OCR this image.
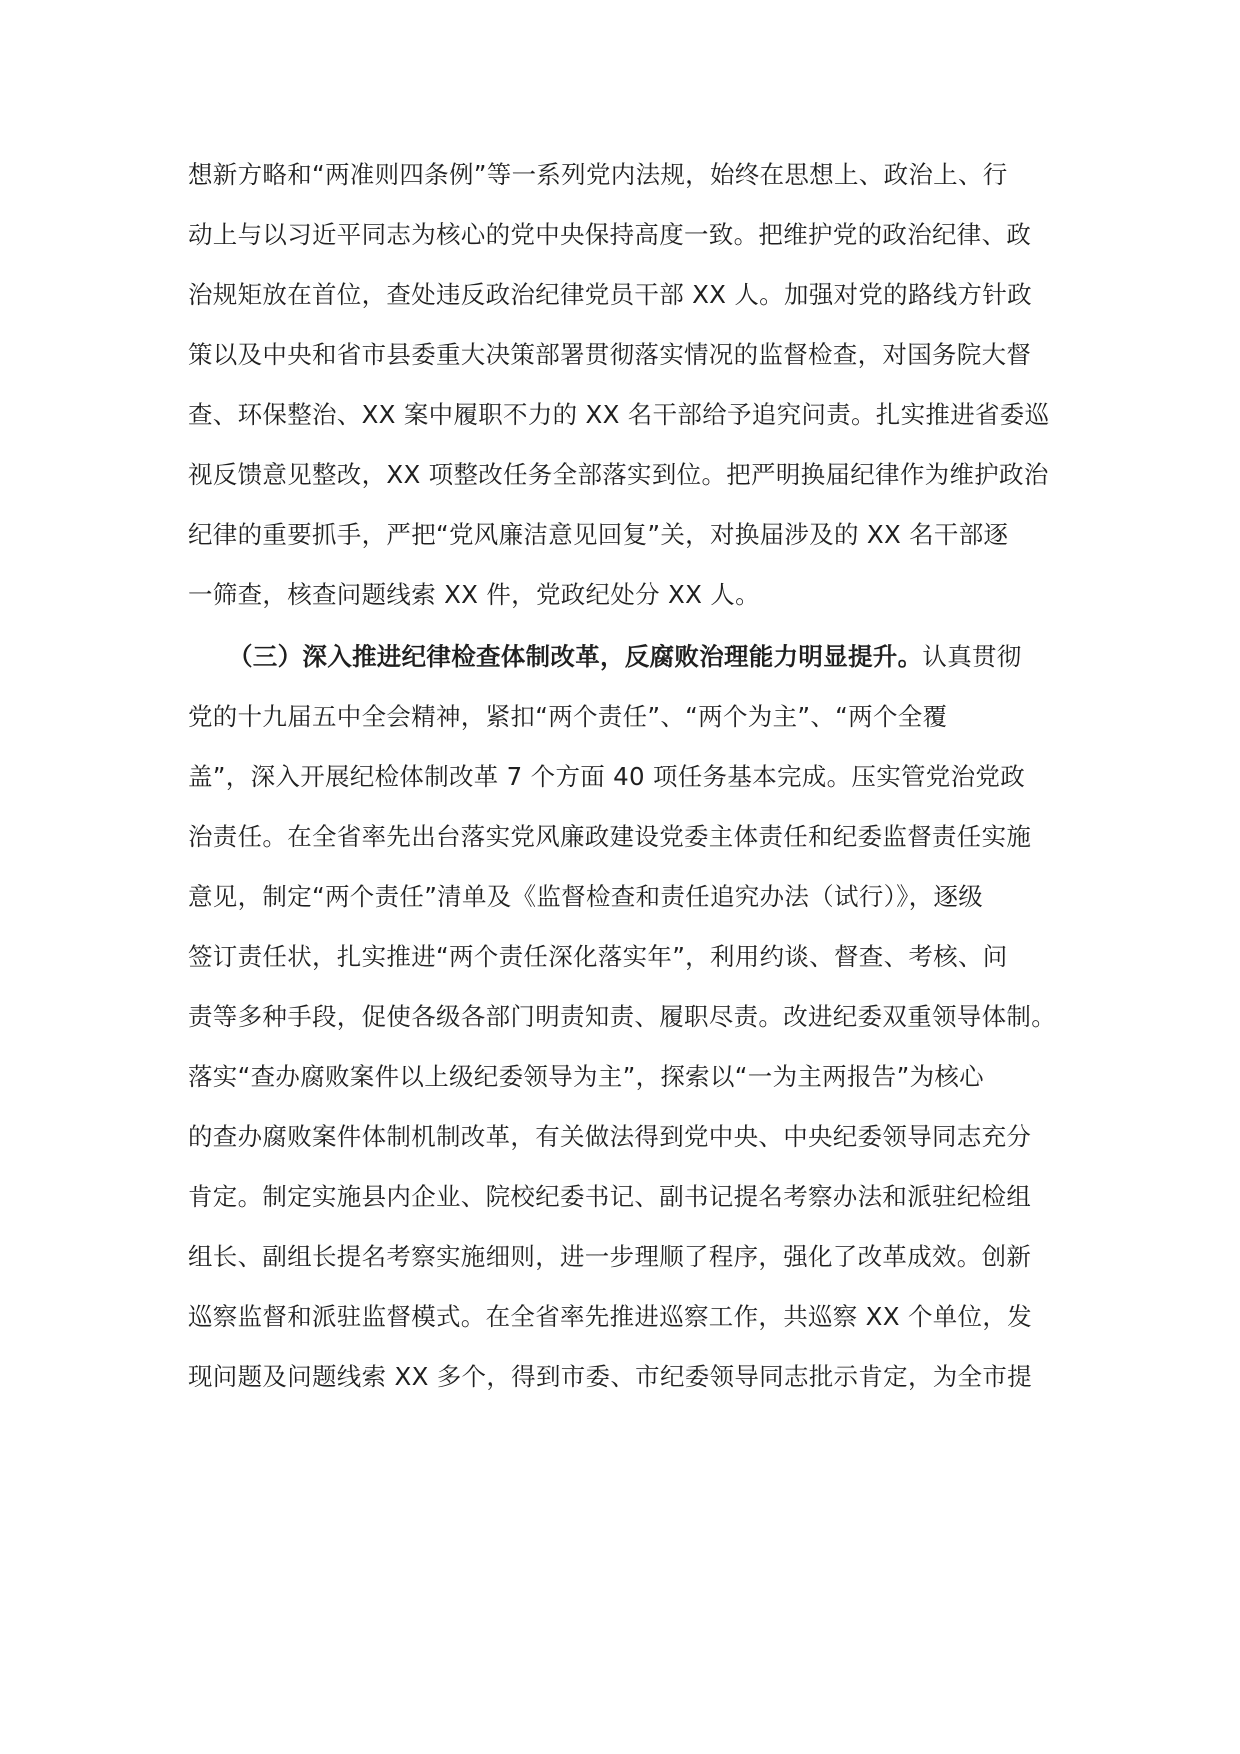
想新方略和“两准则四条例”等一系列党内法规，始终在思想上、政治上、行
动上与以习近平同志为核心的党中央保持高度一致。把维护党的政治纪律、政
治规矩放在首位，查处违反政治纪律党员干部 XX 人。加强对党的路线方针政
策以及中央和省市县委重大决策部署贯彻落实情况的监督检查，对国务院大督
查、环保整治、XX 案中履职不力的 XX 名干部给予追究问责。扎实推进省委巡
视反馈意见整改，XX 项整改任务全部落实到位。把严明换届纪律作为维护政治
纪律的重要抓手，严把“党风廉洁意见回复”关，对换届涉及的 XX 名干部逐
一筛查，核查问题线索 XX 件，党政纪处分 XX 人。
（三）深入推进纪律检查体制改革，反腐败治理能力明显提升。认真贯彻
党的十九届五中全会精神，紧扣“两个责任”、“两个为主”、“两个全覆
盖”，深入开展纪检体制改革 7 个方面 40 项任务基本完成。压实管党治党政
治责任。在全省率先出台落实党风廉政建设党委主体责任和纪委监督责任实施
意见，制定“两个责任”清单及《监督检查和责任追究办法（试行）》，逐级
签订责任状，扎实推进“两个责任深化落实年”，利用约谈、督查、考核、问
责等多种手段，促使各级各部门明责知责、履职尽责。改进纪委双重领导体制。
落实“查办腐败案件以上级纪委领导为主”，探索以“一为主两报告”为核心
的查办腐败案件体制机制改革，有关做法得到党中央、中央纪委领导同志充分
肯定。制定实施县内企业、院校纪委书记、副书记提名考察办法和派驻纪检组
组长、副组长提名考察实施细则，进一步理顺了程序，强化了改革成效。创新
巡察监督和派驻监督模式。在全省率先推进巡察工作，共巡察 XX 个单位，发
现问题及问题线索 XX 多个，得到市委、市纪委领导同志批示肯定，为全市提
